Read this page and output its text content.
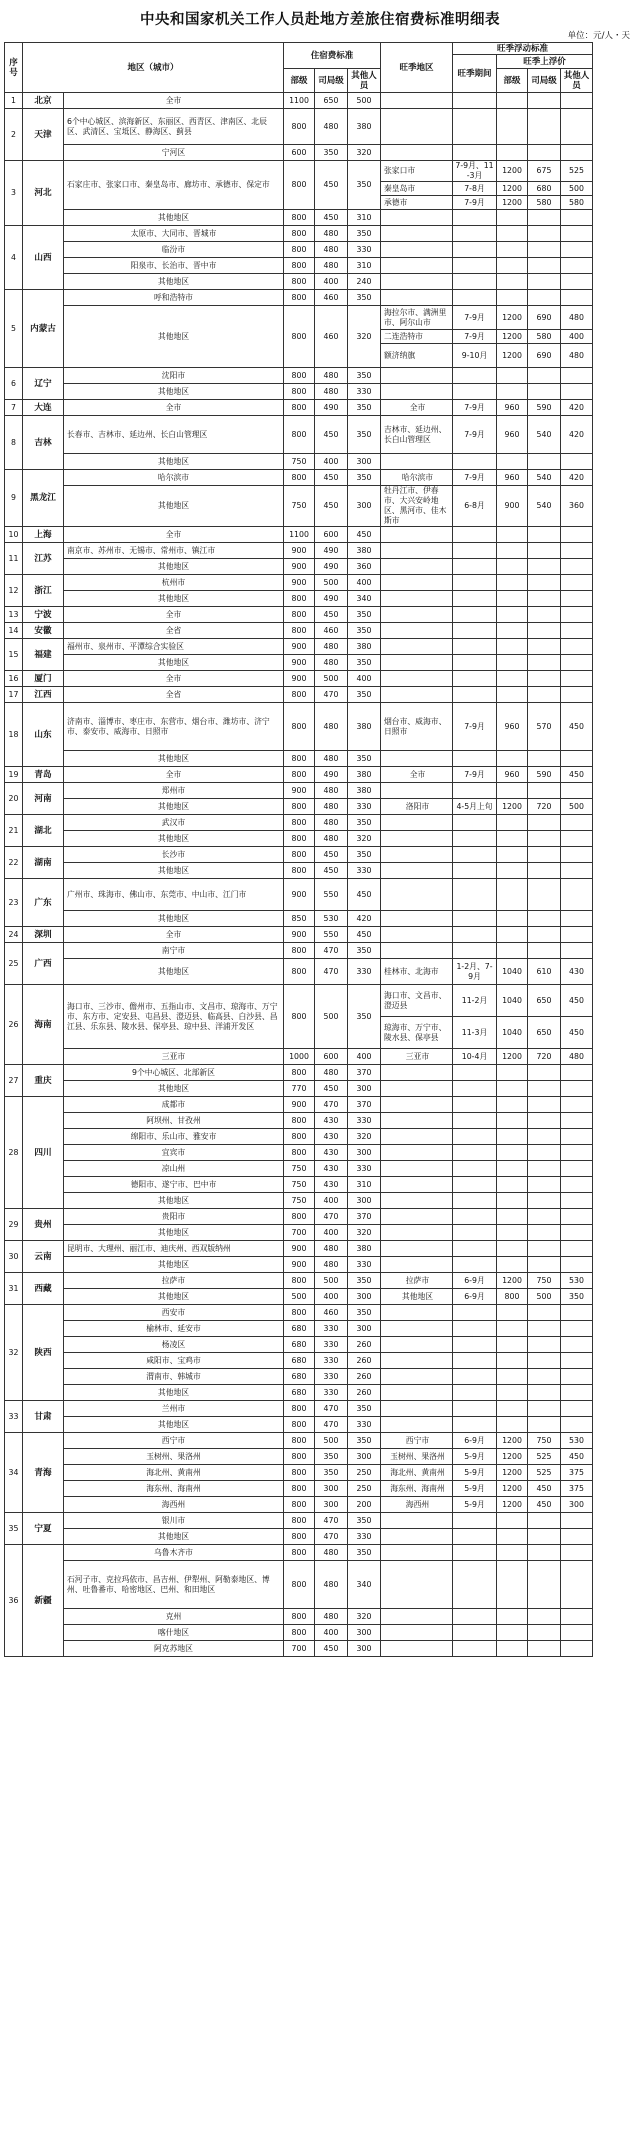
中央和国家机关工作人员赴地方差旅住宿费标准明细表
单位：元/人・天
序号	地区（城市）		住宿费标准			旺季地区	旺季浮动标准			
							旺季期间	旺季上浮价		
			部级	司局级	其他人员			部级	司局级	其他人员
1	北京	全市	1100	650	500					
2	天津	6个中心城区、滨海新区、东丽区、西青区、津南区、北辰区、武清区、宝坻区、静海区、蓟县	800	480	380					
		宁河区	600	350	320					
3	河北	石家庄市、张家口市、秦皇岛市、廊坊市、承德市、保定市	800	450	350	张家口市	7-9月、11-3月	1200	675	525
						秦皇岛市	7-8月	1200	680	500
						承德市	7-9月	1200	580	580
		其他地区	800	450	310					
4	山西	太原市、大同市、晋城市	800	480	350					
		临汾市	800	480	330					
		阳泉市、长治市、晋中市	800	480	310					
		其他地区	800	400	240					
5	内蒙古	呼和浩特市	800	460	350					
		其他地区	800	460	320	海拉尔市、满洲里市、阿尔山市	7-9月	1200	690	480
						二连浩特市	7-9月	1200	580	400
						额济纳旗	9-10月	1200	690	480
6	辽宁	沈阳市	800	480	350					
		其他地区	800	480	330					
7	大连	全市	800	490	350	全市	7-9月	960	590	420
8	吉林	长春市、吉林市、延边州、长白山管理区	800	450	350	吉林市、延边州、长白山管理区	7-9月	960	540	420
		其他地区	750	400	300					
9	黑龙江	哈尔滨市	800	450	350	哈尔滨市	7-9月	960	540	420
		其他地区	750	450	300	牡丹江市、伊春市、大兴安岭地区、黑河市、佳木斯市	6-8月	900	540	360
10	上海	全市	1100	600	450					
11	江苏	南京市、苏州市、无锡市、常州市、镇江市	900	490	380					
		其他地区	900	490	360					
12	浙江	杭州市	900	500	400					
		其他地区	800	490	340					
13	宁波	全市	800	450	350					
14	安徽	全省	800	460	350					
15	福建	福州市、泉州市、平潭综合实验区	900	480	380					
		其他地区	900	480	350					
16	厦门	全市	900	500	400					
17	江西	全省	800	470	350					
18	山东	济南市、淄博市、枣庄市、东营市、烟台市、潍坊市、济宁市、泰安市、威海市、日照市	800	480	380	烟台市、威海市、日照市	7-9月	960	570	450
		其他地区	800	480	350					
19	青岛	全市	800	490	380	全市	7-9月	960	590	450
20	河南	郑州市	900	480	380					
		其他地区	800	480	330	洛阳市	4-5月上旬	1200	720	500
21	湖北	武汉市	800	480	350					
		其他地区	800	480	320					
22	湖南	长沙市	800	450	350					
		其他地区	800	450	330					
23	广东	广州市、珠海市、佛山市、东莞市、中山市、江门市	900	550	450					
		其他地区	850	530	420					
24	深圳	全市	900	550	450					
25	广西	南宁市	800	470	350					
		其他地区	800	470	330	桂林市、北海市	1-2月、7-9月	1040	610	430
26	海南	海口市、三沙市、儋州市、五指山市、文昌市、琼海市、万宁市、东方市、定安县、屯昌县、澄迈县、临高县、白沙县、昌江县、乐东县、陵水县、保亭县、琼中县、洋浦开发区	800	500	350	海口市、文昌市、澄迈县	11-2月	1040	650	450
						琼海市、万宁市、陵水县、保亭县	11-3月	1040	650	450
		三亚市	1000	600	400	三亚市	10-4月	1200	720	480
27	重庆	9个中心城区、北部新区	800	480	370					
		其他地区	770	450	300					
28	四川	成都市	900	470	370					
		阿坝州、甘孜州	800	430	330					
		绵阳市、乐山市、雅安市	800	430	320					
		宜宾市	800	430	300					
		凉山州	750	430	330					
		德阳市、遂宁市、巴中市	750	430	310					
		其他地区	750	400	300					
29	贵州	贵阳市	800	470	370					
		其他地区	700	400	320					
30	云南	昆明市、大理州、丽江市、迪庆州、西双版纳州	900	480	380					
		其他地区	900	480	330					
31	西藏	拉萨市	800	500	350	拉萨市	6-9月	1200	750	530
		其他地区	500	400	300	其他地区	6-9月	800	500	350
32	陕西	西安市	800	460	350					
		榆林市、延安市	680	330	300					
		杨凌区	680	330	260					
		咸阳市、宝鸡市	680	330	260					
		渭南市、韩城市	680	330	260					
		其他地区	680	330	260					
33	甘肃	兰州市	800	470	350					
		其他地区	800	470	330					
34	青海	西宁市	800	500	350	西宁市	6-9月	1200	750	530
		玉树州、果洛州	800	350	300	玉树州、果洛州	5-9月	1200	525	450
		海北州、黄南州	800	350	250	海北州、黄南州	5-9月	1200	525	375
		海东州、海南州	800	300	250	海东州、海南州	5-9月	1200	450	375
		海西州	800	300	200	海西州	5-9月	1200	450	300
35	宁夏	银川市	800	470	350					
		其他地区	800	470	330					
36	新疆	乌鲁木齐市	800	480	350					
		石河子市、克拉玛依市、昌吉州、伊犁州、阿勒泰地区、博州、吐鲁番市、哈密地区、巴州、和田地区	800	480	340					
		克州	800	480	320					
		喀什地区	800	400	300					
		阿克苏地区	700	450	300					
